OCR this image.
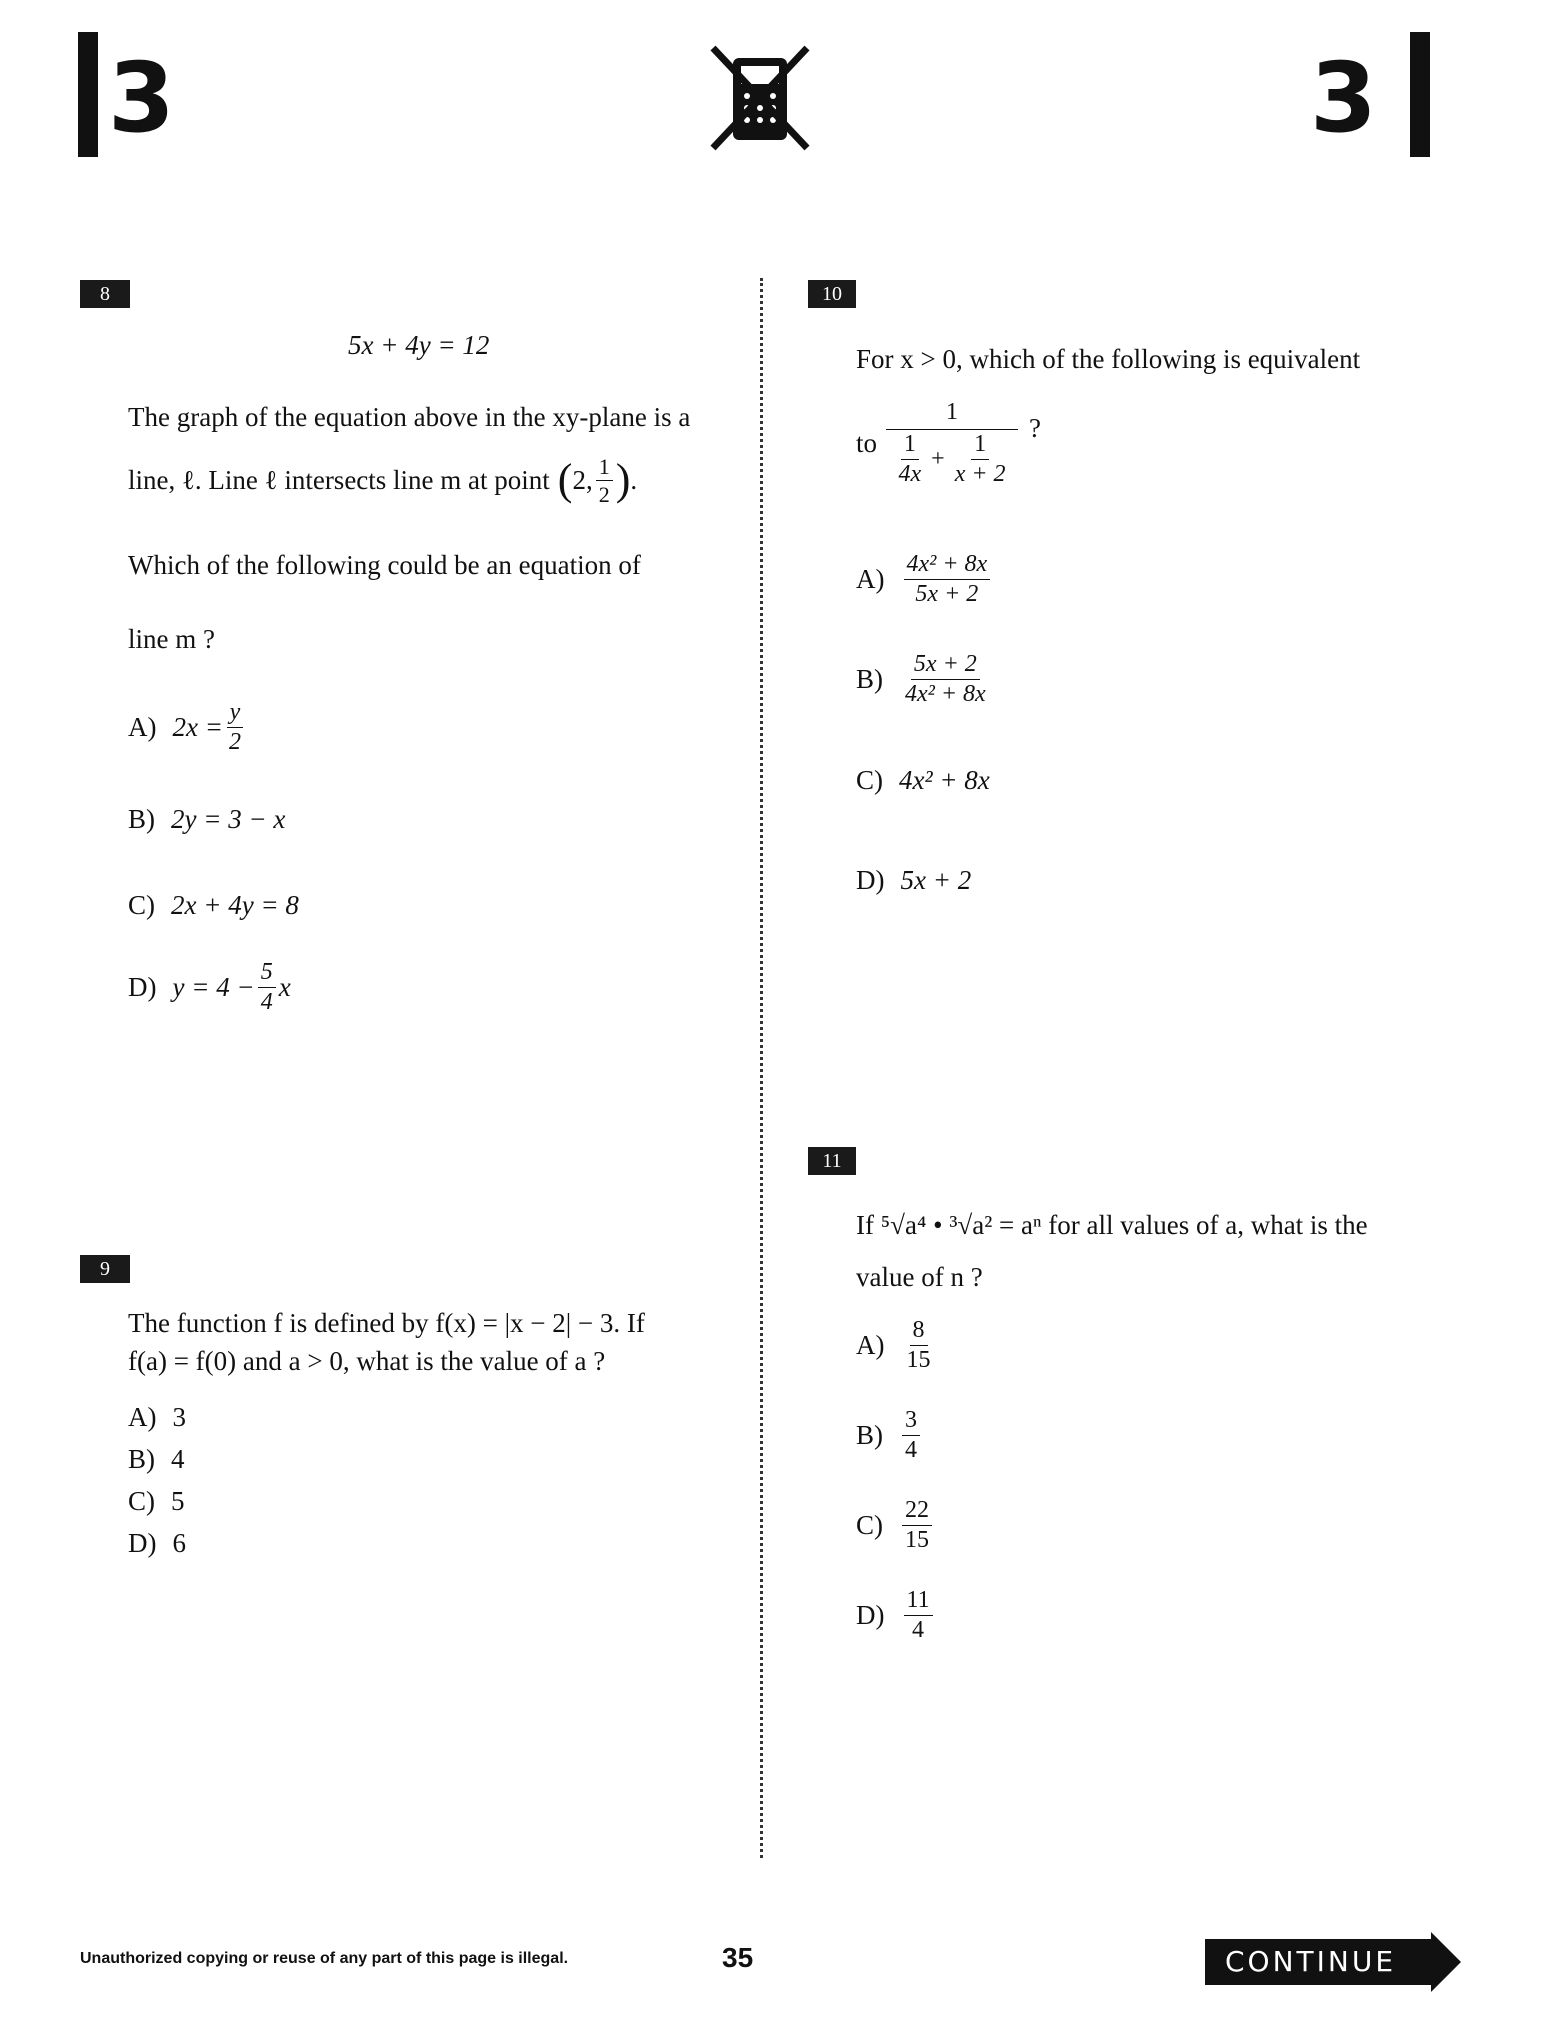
3	3
8
5x + 4y = 12
The graph of the equation above in the xy-plane is a
line, ℓ. Line ℓ intersects line m at point ( 2, $\frac{1}{2}$ ) .
Which of the following could be an equation of
line m ?
A) $2x = \frac{y}{2}$
B) 2y = 3 − x
C) 2x + 4y = 8
D) $y = 4 - \frac{5}{4}$ x
9
The function f is defined by f(x) = |x − 2| − 3. If
f(a) = f(0) and a > 0, what is the value of a ?
A) 3
B) 4
C) 5
D) 6
10
For x > 0, which of the following is equivalent
to $\frac{1}{\frac{1}{4x} + \frac{1}{x + 2}}$ ?
$A) \frac{\text{4x² + 8x}}{5x + 2}$
$B) \frac{5x + 2}{\text{4x² + 8x}}$
C) 4x² + 8x
D) 5x + 2
11
If ⁵√a⁴ • ³√a² = aⁿ for all values of a, what is the
value of n ?
$A) \frac{8}{15}$
$B) \frac{3}{4}$
$C) \frac{22}{15}$
$D) \frac{11}{4}$
Unauthorized copying or reuse of any part of this page is illegal.	35	CONTINUE
